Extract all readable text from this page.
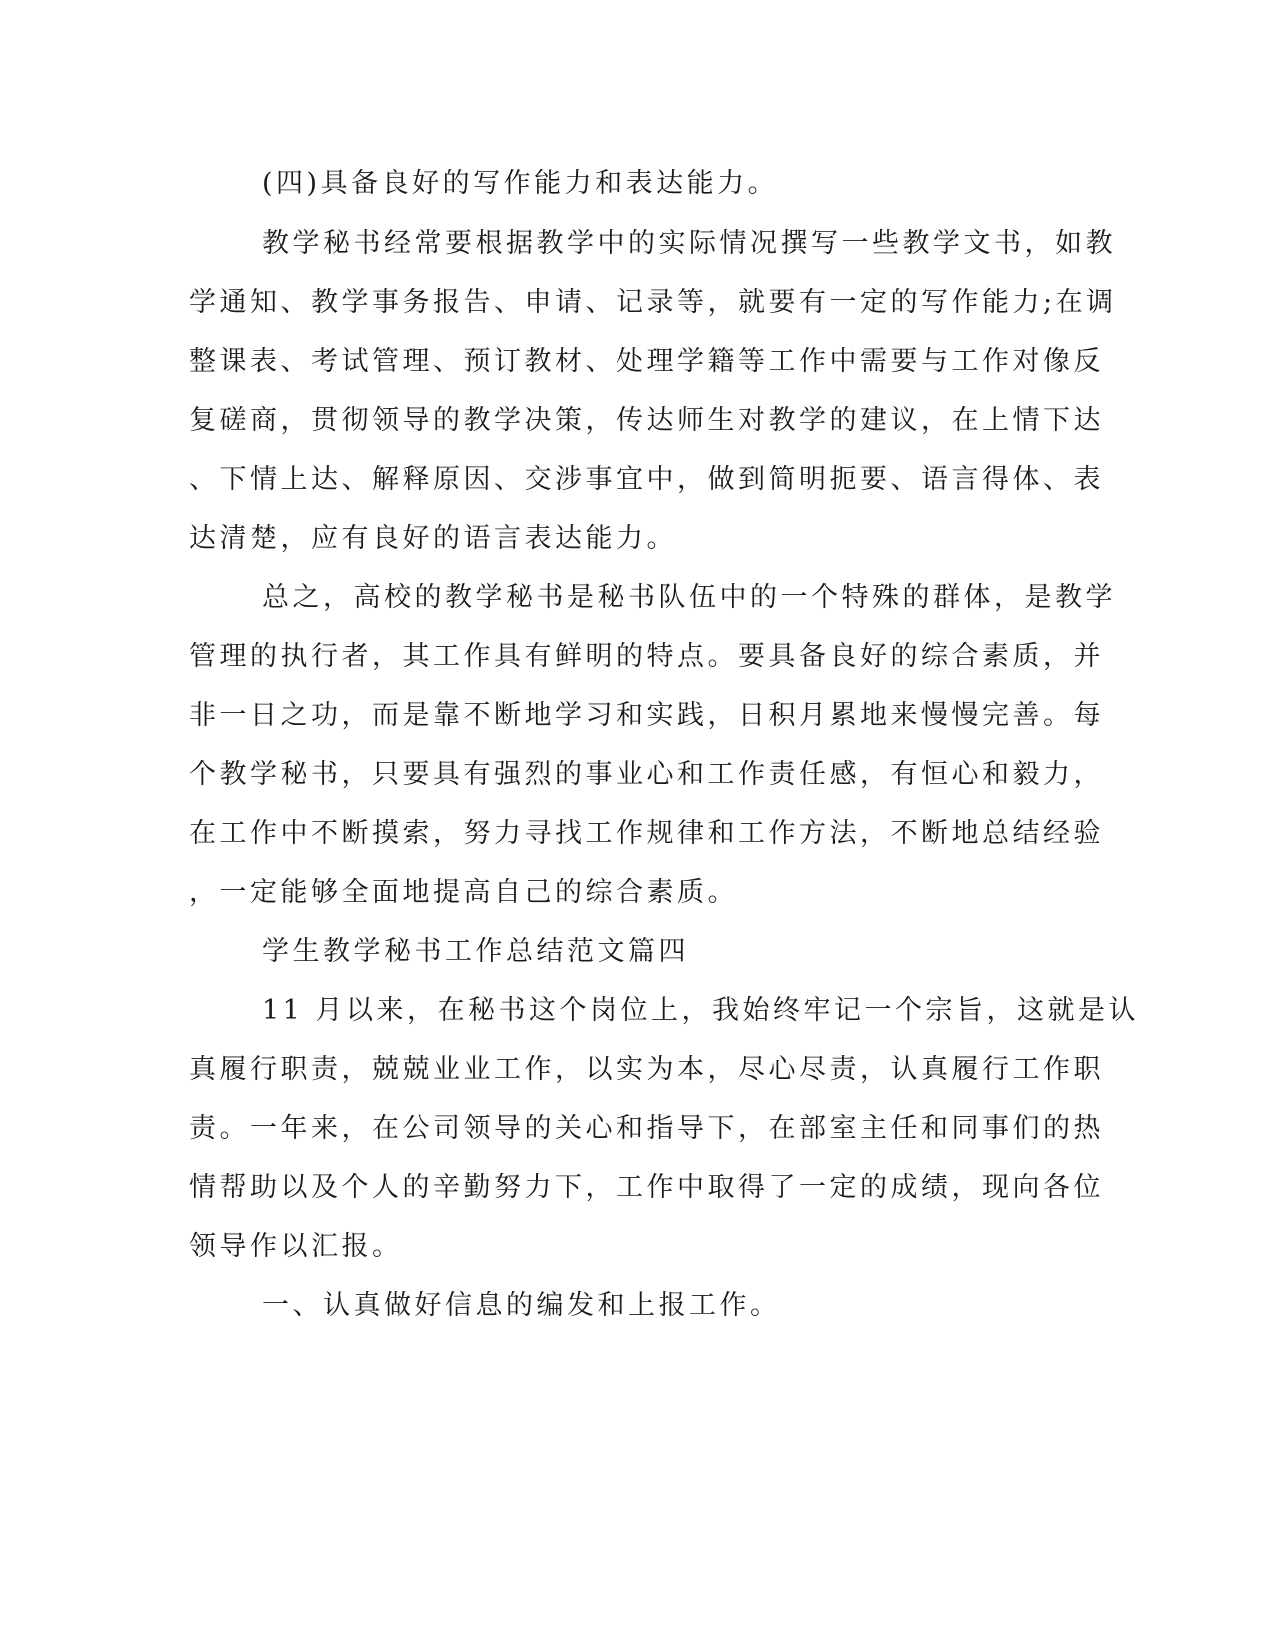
(四)具备良好的写作能力和表达能力。

教学秘书经常要根据教学中的实际情况撰写一些教学文书，如教

学通知、教学事务报告、申请、记录等，就要有一定的写作能力;在调

整课表、考试管理、预订教材、处理学籍等工作中需要与工作对像反

复磋商，贯彻领导的教学决策，传达师生对教学的建议，在上情下达

、下情上达、解释原因、交涉事宜中，做到简明扼要、语言得体、表

达清楚，应有良好的语言表达能力。

总之，高校的教学秘书是秘书队伍中的一个特殊的群体，是教学

管理的执行者，其工作具有鲜明的特点。要具备良好的综合素质，并

非一日之功，而是靠不断地学习和实践，日积月累地来慢慢完善。每

个教学秘书，只要具有强烈的事业心和工作责任感，有恒心和毅力，

在工作中不断摸索，努力寻找工作规律和工作方法，不断地总结经验

，一定能够全面地提高自己的综合素质。

学生教学秘书工作总结范文篇四

11 月以来，在秘书这个岗位上，我始终牢记一个宗旨，这就是认

真履行职责，兢兢业业工作，以实为本，尽心尽责，认真履行工作职

责。一年来，在公司领导的关心和指导下，在部室主任和同事们的热

情帮助以及个人的辛勤努力下，工作中取得了一定的成绩，现向各位

领导作以汇报。

一、认真做好信息的编发和上报工作。
